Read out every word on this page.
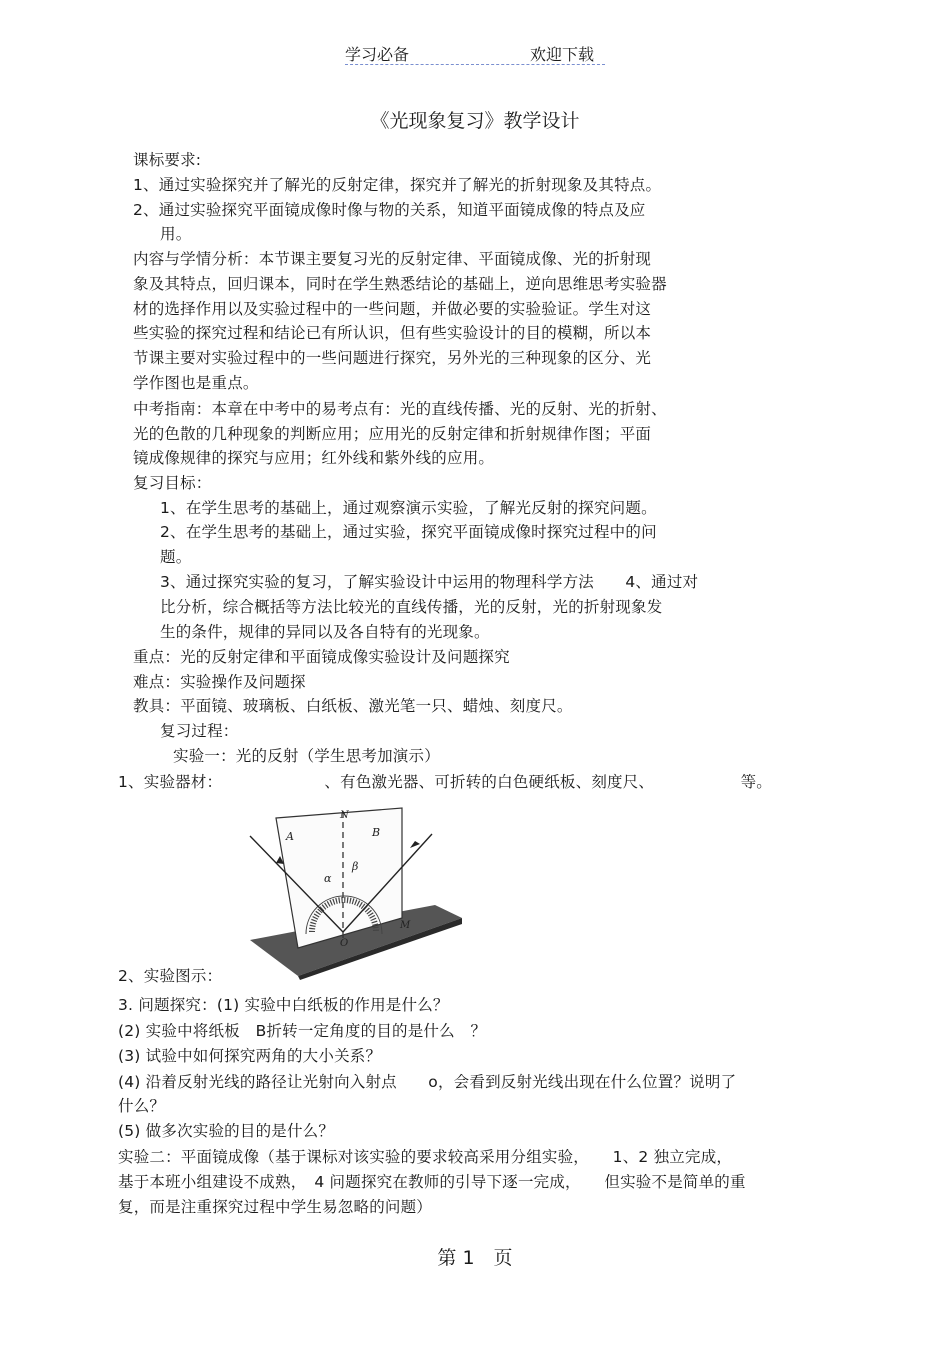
学习必备	欢迎下载
《光现象复习》教学设计
课标要求:
1、通过实验探究并了解光的反射定律，探究并了解光的折射现象及其特点。
2、通过实验探究平面镜成像时像与物的关系，知道平面镜成像的特点及应
用。
内容与学情分析：本节课主要复习光的反射定律、平面镜成像、光的折射现
象及其特点，回归课本，同时在学生熟悉结论的基础上，逆向思维思考实验器
材的选择作用以及实验过程中的一些问题，并做必要的实验验证。学生对这
些实验的探究过程和结论已有所认识，但有些实验设计的目的模糊，所以本
节课主要对实验过程中的一些问题进行探究，另外光的三种现象的区分、光
学作图也是重点。
中考指南：本章在中考中的易考点有：光的直线传播、光的反射、光的折射、
光的色散的几种现象的判断应用；应用光的反射定律和折射规律作图；平面
镜成像规律的探究与应用；红外线和紫外线的应用。
复习目标：
1、在学生思考的基础上，通过观察演示实验，了解光反射的探究问题。
2、在学生思考的基础上，通过实验，探究平面镜成像时探究过程中的问
题。
3、通过探究实验的复习，了解实验设计中运用的物理科学方法　　4、通过对
比分析，综合概括等方法比较光的直线传播，光的反射，光的折射现象发
生的条件，规律的异同以及各自特有的光现象。
重点：光的反射定律和平面镜成像实验设计及问题探究
难点：实验操作及问题探
教具：平面镜、玻璃板、白纸板、激光笔一只、蜡烛、刻度尺。
复习过程：
实验一：光的反射（学生思考加演示）
1、实验器材：　　　　　　　、有色激光器、可折转的白色硬纸板、刻度尺、　　　　　　等。
2、实验图示：
3. 问题探究：(1) 实验中白纸板的作用是什么？
(2) 实验中将纸板　B折转一定角度的目的是什么　？
(3) 试验中如何探究两角的大小关系？
(4) 沿着反射光线的路径让光射向入射点　　o，会看到反射光线出现在什么位置？说明了
什么？
(5) 做多次实验的目的是什么？
实验二：平面镜成像（基于课标对该实验的要求较高采用分组实验，　　1、2 独立完成，
基于本班小组建设不成熟，　4 问题探究在教师的引导下逐一完成，　　但实验不是简单的重
复，而是注重探究过程中学生易忽略的问题）
A	B
N
α
β
O
M
第 1　页
